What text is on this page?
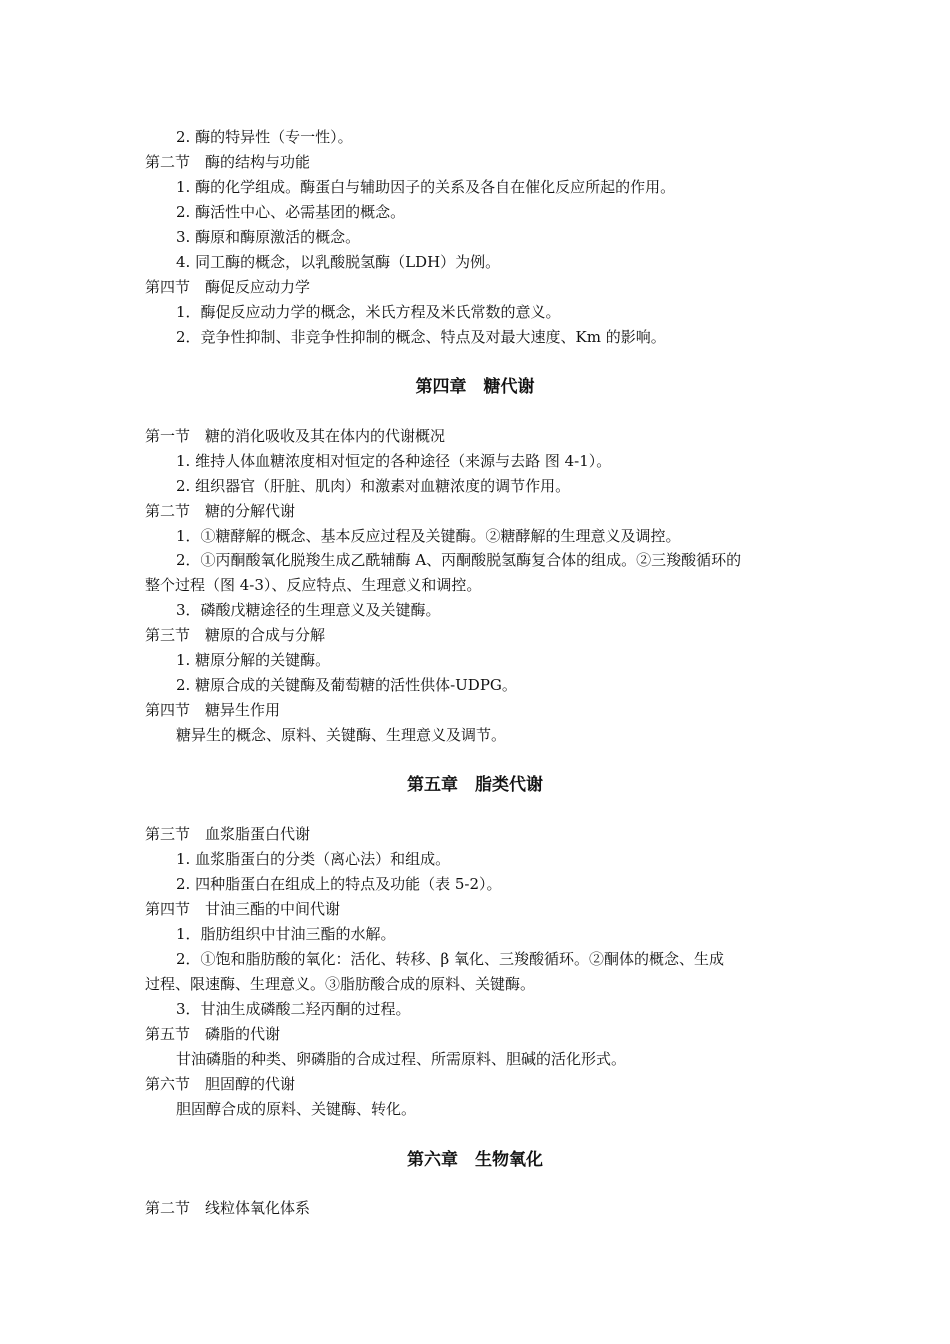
2. 酶的特异性（专一性）。
第二节　酶的结构与功能
1. 酶的化学组成。酶蛋白与辅助因子的关系及各自在催化反应所起的作用。
2. 酶活性中心、必需基团的概念。
3. 酶原和酶原激活的概念。
4. 同工酶的概念，以乳酸脱氢酶（LDH）为例。
第四节　酶促反应动力学
1．酶促反应动力学的概念，米氏方程及米氏常数的意义。
2．竞争性抑制、非竞争性抑制的概念、特点及对最大速度、Km 的影响。
第四章　糖代谢
第一节　糖的消化吸收及其在体内的代谢概况
1. 维持人体血糖浓度相对恒定的各种途径（来源与去路 图 4-1）。
2. 组织器官（肝脏、肌肉）和激素对血糖浓度的调节作用。
第二节　糖的分解代谢
1．①糖酵解的概念、基本反应过程及关键酶。②糖酵解的生理意义及调控。
2．①丙酮酸氧化脱羧生成乙酰辅酶 A、丙酮酸脱氢酶复合体的组成。②三羧酸循环的
整个过程（图 4-3）、反应特点、生理意义和调控。
3．磷酸戊糖途径的生理意义及关键酶。
第三节　糖原的合成与分解
1. 糖原分解的关键酶。
2. 糖原合成的关键酶及葡萄糖的活性供体-UDPG。
第四节　糖异生作用
糖异生的概念、原料、关键酶、生理意义及调节。
第五章　脂类代谢
第三节　血浆脂蛋白代谢
1. 血浆脂蛋白的分类（离心法）和组成。
2. 四种脂蛋白在组成上的特点及功能（表 5-2）。
第四节　甘油三酯的中间代谢
1．脂肪组织中甘油三酯的水解。
2．①饱和脂肪酸的氧化：活化、转移、β 氧化、三羧酸循环。②酮体的概念、生成
过程、限速酶、生理意义。③脂肪酸合成的原料、关键酶。
3．甘油生成磷酸二羟丙酮的过程。
第五节　磷脂的代谢
甘油磷脂的种类、卵磷脂的合成过程、所需原料、胆碱的活化形式。
第六节　胆固醇的代谢
胆固醇合成的原料、关键酶、转化。
第六章　生物氧化
第二节　线粒体氧化体系
